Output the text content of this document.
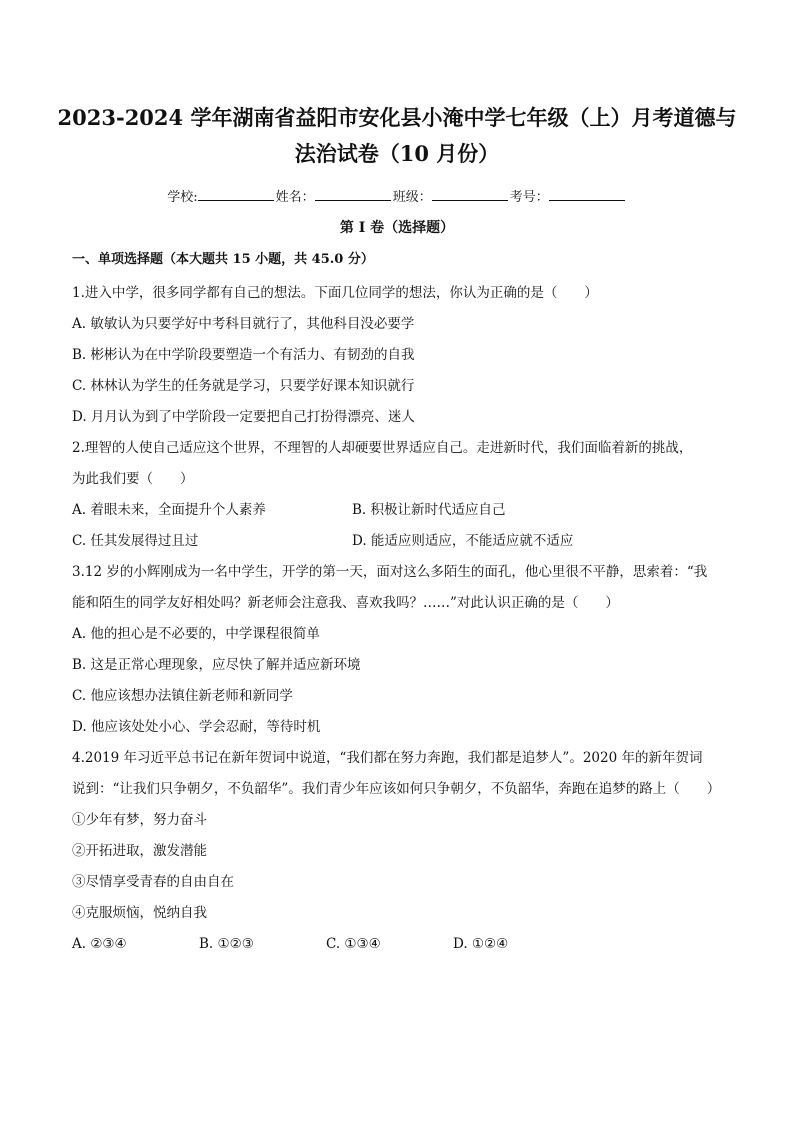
2023-2024 学年湖南省益阳市安化县小淹中学七年级（上）月考道德与
法治试卷（10 月份）
学校:	姓名：	班级：	考号：
第 I 卷（选择题）
一、单项选择题（本大题共 15 小题，共 45.0 分）
1.进入中学，很多同学都有自己的想法。下面几位同学的想法，你认为正确的是（　　）
A. 敏敏认为只要学好中考科目就行了，其他科目没必要学
B. 彬彬认为在中学阶段要塑造一个有活力、有韧劲的自我
C. 林林认为学生的任务就是学习，只要学好课本知识就行
D. 月月认为到了中学阶段一定要把自己打扮得漂亮、迷人
2.理智的人使自己适应这个世界，不理智的人却硬要世界适应自己。走进新时代，我们面临着新的挑战，
为此我们要（　　）
A. 着眼未来，全面提升个人素养	B. 积极让新时代适应自己
C. 任其发展得过且过	D. 能适应则适应，不能适应就不适应
3.12 岁的小辉刚成为一名中学生，开学的第一天，面对这么多陌生的面孔，他心里很不平静，思索着：“我
能和陌生的同学友好相处吗？新老师会注意我、喜欢我吗？……”对此认识正确的是（　　）
A. 他的担心是不必要的，中学课程很简单
B. 这是正常心理现象，应尽快了解并适应新环境
C. 他应该想办法镇住新老师和新同学
D. 他应该处处小心、学会忍耐，等待时机
4.2019 年习近平总书记在新年贺词中说道，“我们都在努力奔跑，我们都是追梦人”。2020 年的新年贺词
说到：“让我们只争朝夕，不负韶华”。我们青少年应该如何只争朝夕，不负韶华，奔跑在追梦的路上（　　）
①少年有梦，努力奋斗
②开拓进取，激发潜能
③尽情享受青春的自由自在
④克服烦恼，悦纳自我
A. ②③④	B. ①②③	C. ①③④	D. ①②④
